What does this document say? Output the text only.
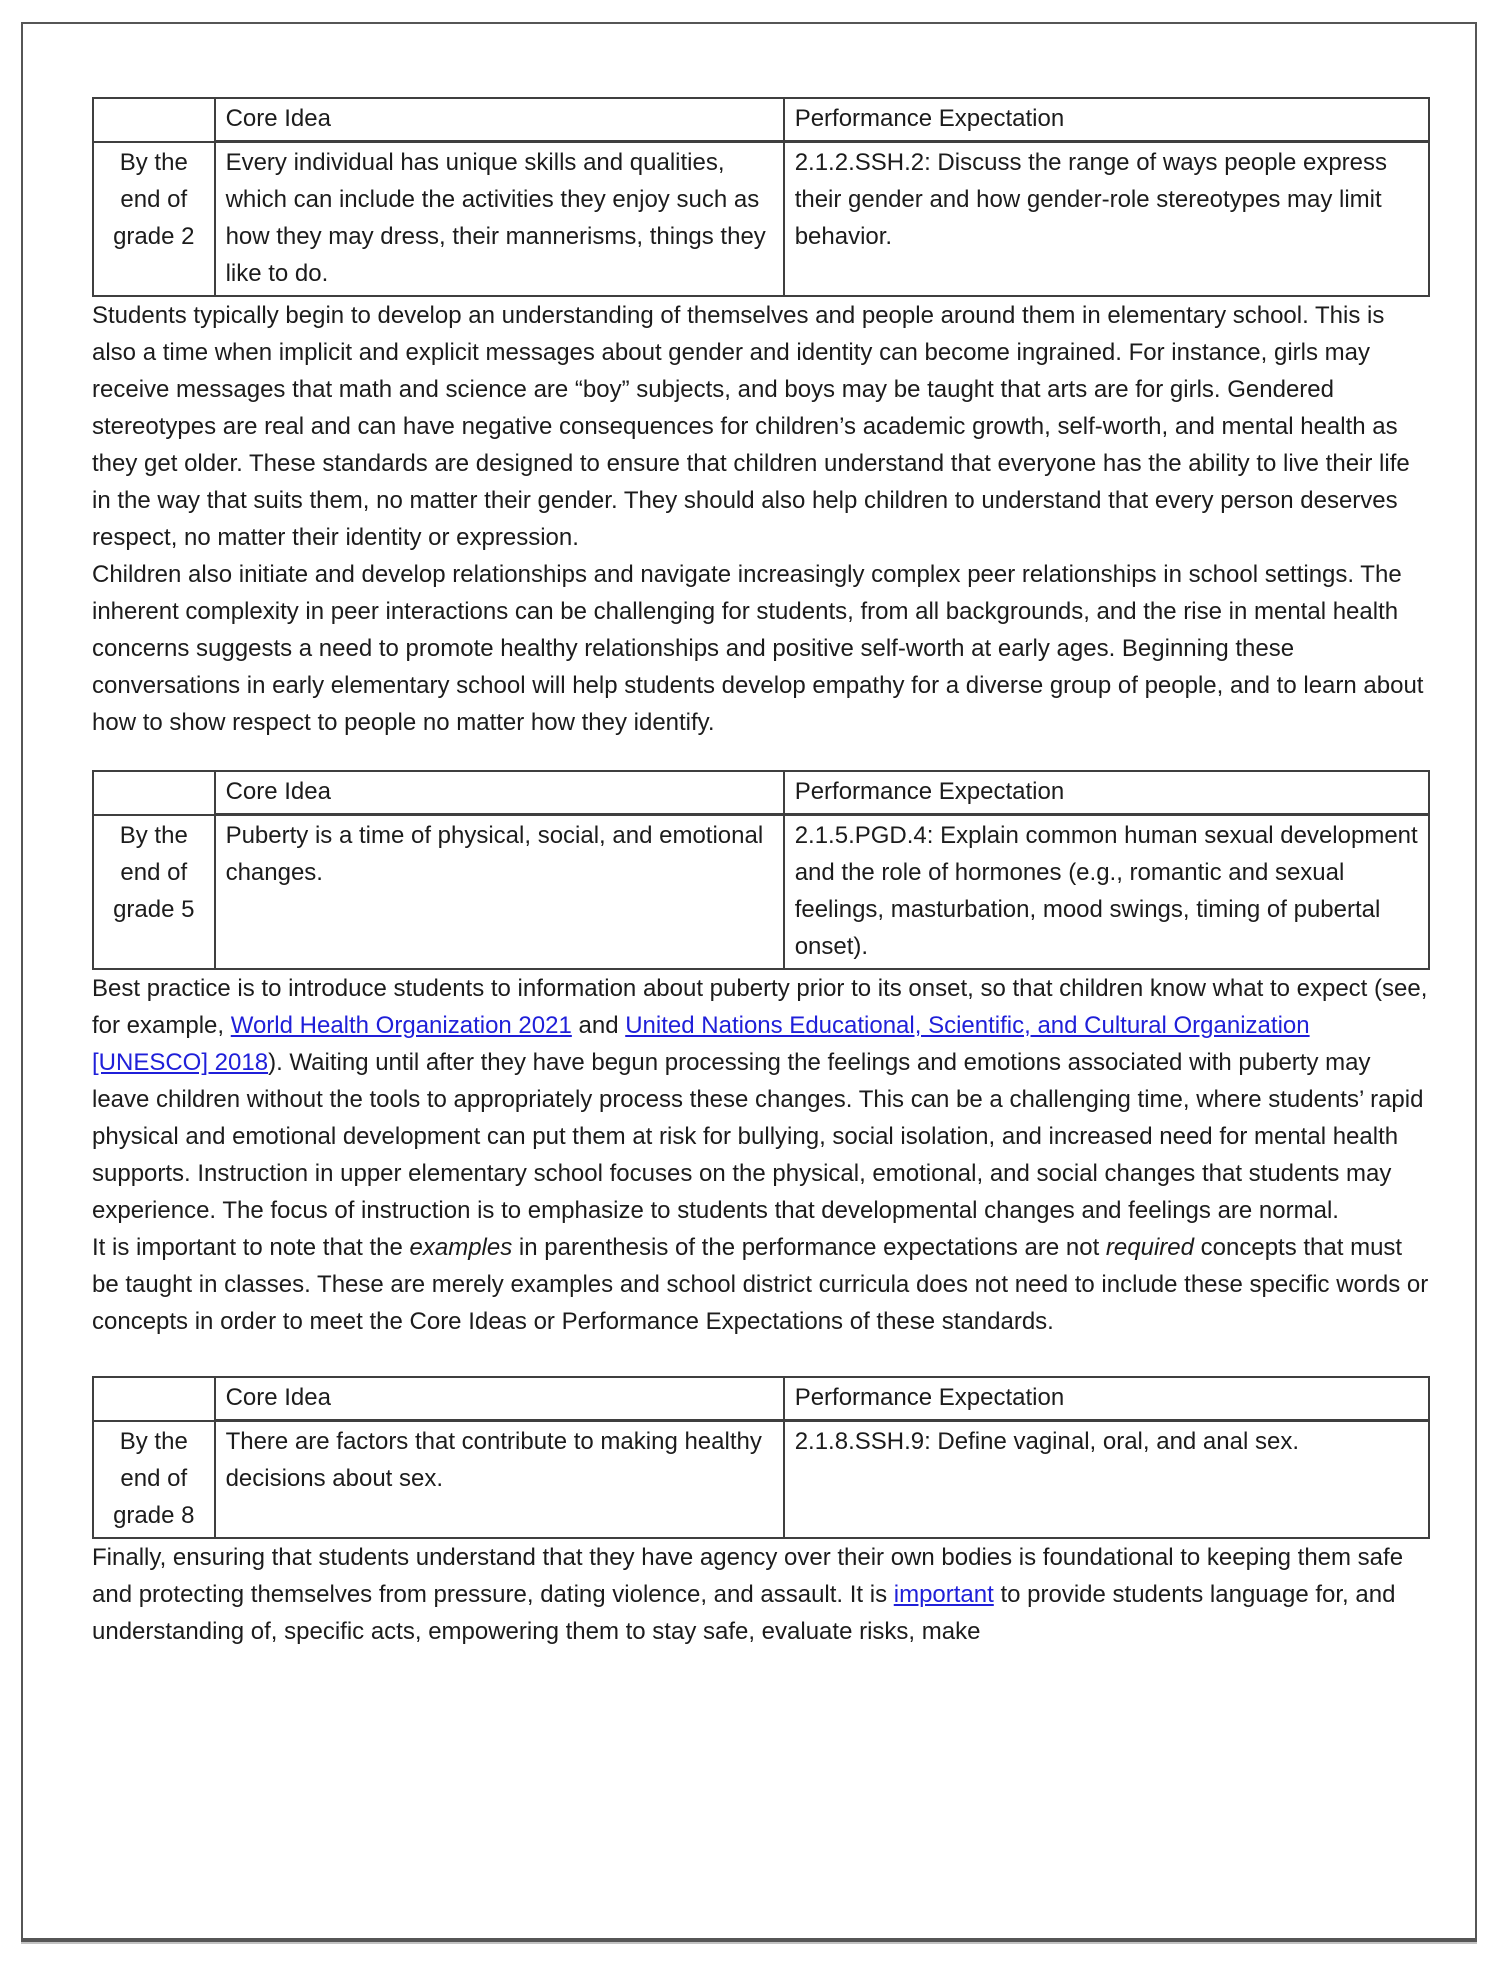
	Core Idea	Performance Expectation
By the end of grade 2	Every individual has unique skills and qualities, which can include the activities they enjoy such as how they may dress, their mannerisms, things they like to do.	2.1.2.SSH.2: Discuss the range of ways people express their gender and how gender-role stereotypes may limit behavior.

Students typically begin to develop an understanding of themselves and people around them in elementary school. This is also a time when implicit and explicit messages about gender and identity can become ingrained. For instance, girls may receive messages that math and science are “boy” subjects, and boys may be taught that arts are for girls. Gendered stereotypes are real and can have negative consequences for children’s academic growth, self-worth, and mental health as they get older. These standards are designed to ensure that children understand that everyone has the ability to live their life in the way that suits them, no matter their gender. They should also help children to understand that every person deserves respect, no matter their identity or expression.

Children also initiate and develop relationships and navigate increasingly complex peer relationships in school settings. The inherent complexity in peer interactions can be challenging for students, from all backgrounds, and the rise in mental health concerns suggests a need to promote healthy relationships and positive self-worth at early ages. Beginning these conversations in early elementary school will help students develop empathy for a diverse group of people, and to learn about how to show respect to people no matter how they identify.

	Core Idea	Performance Expectation
By the end of grade 5	Puberty is a time of physical, social, and emotional changes.	2.1.5.PGD.4: Explain common human sexual development and the role of hormones (e.g., romantic and sexual feelings, masturbation, mood swings, timing of pubertal onset).

Best practice is to introduce students to information about puberty prior to its onset, so that children know what to expect (see, for example, World Health Organization 2021 and United Nations Educational, Scientific, and Cultural Organization [UNESCO] 2018). Waiting until after they have begun processing the feelings and emotions associated with puberty may leave children without the tools to appropriately process these changes. This can be a challenging time, where students’ rapid physical and emotional development can put them at risk for bullying, social isolation, and increased need for mental health supports. Instruction in upper elementary school focuses on the physical, emotional, and social changes that students may experience. The focus of instruction is to emphasize to students that developmental changes and feelings are normal.

It is important to note that the examples in parenthesis of the performance expectations are not required concepts that must be taught in classes. These are merely examples and school district curricula does not need to include these specific words or concepts in order to meet the Core Ideas or Performance Expectations of these standards.

	Core Idea	Performance Expectation
By the end of grade 8	There are factors that contribute to making healthy decisions about sex.	2.1.8.SSH.9: Define vaginal, oral, and anal sex.

Finally, ensuring that students understand that they have agency over their own bodies is foundational to keeping them safe and protecting themselves from pressure, dating violence, and assault. It is important to provide students language for, and understanding of, specific acts, empowering them to stay safe, evaluate risks, make
